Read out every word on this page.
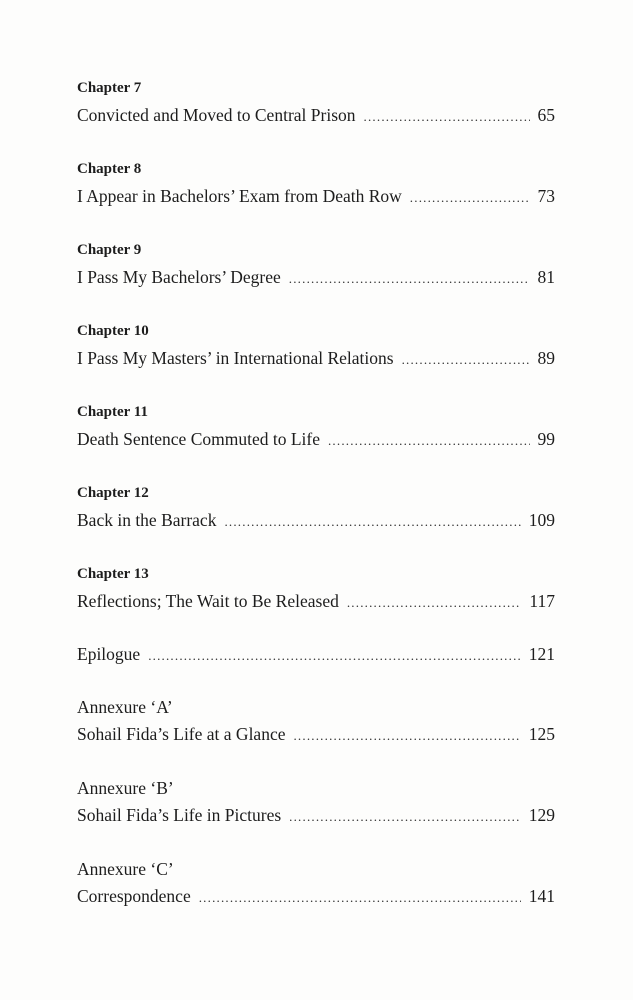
Chapter 7
Convicted and Moved to Central Prison .....	65
Chapter 8
I Appear in Bachelors’ Exam from Death Row .....	73
Chapter 9
I Pass My Bachelors’ Degree .....	81
Chapter 10
I Pass My Masters’ in International Relations .....	89
Chapter 11
Death Sentence Commuted to Life .....	99
Chapter 12
Back in the Barrack .....	109
Chapter 13
Reflections; The Wait to Be Released .....	117
Epilogue .....	121
Annexure ‘A’
Sohail Fida’s Life at a Glance .....	125
Annexure ‘B’
Sohail Fida’s Life in Pictures .....	129
Annexure ‘C’
Correspondence .....	141
